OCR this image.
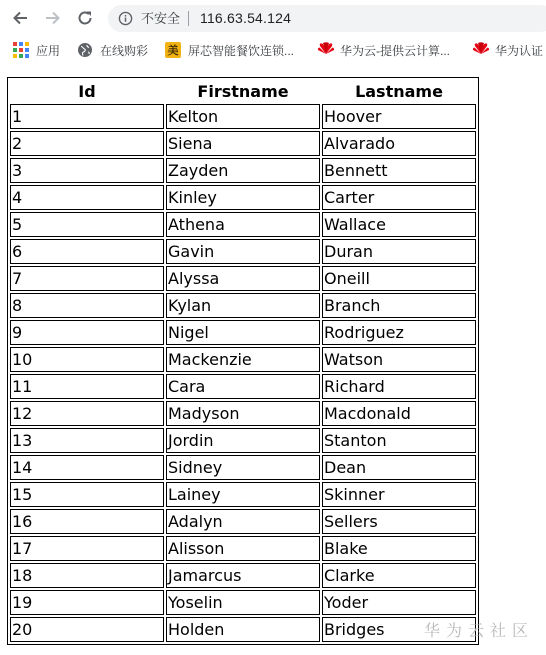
不安全 116.63.54.124
应用	在线购彩 美 屏芯智能餐饮连锁...	华为云-提供云计算...	华为认证
Id	Firstname	Lastname
1	Kelton	Hoover
2	Siena	Alvarado
3	Zayden	Bennett
4	Kinley	Carter
5	Athena	Wallace
6	Gavin	Duran
7	Alyssa	Oneill
8	Kylan	Branch
9	Nigel	Rodriguez
10	Mackenzie	Watson
11	Cara	Richard
12	Madyson	Macdonald
13	Jordin	Stanton
14	Sidney	Dean
15	Lainey	Skinner
16	Adalyn	Sellers
17	Alisson	Blake
18	Jamarcus	Clarke
19	Yoselin	Yoder
20	Holden	Bridges 华为云社区
